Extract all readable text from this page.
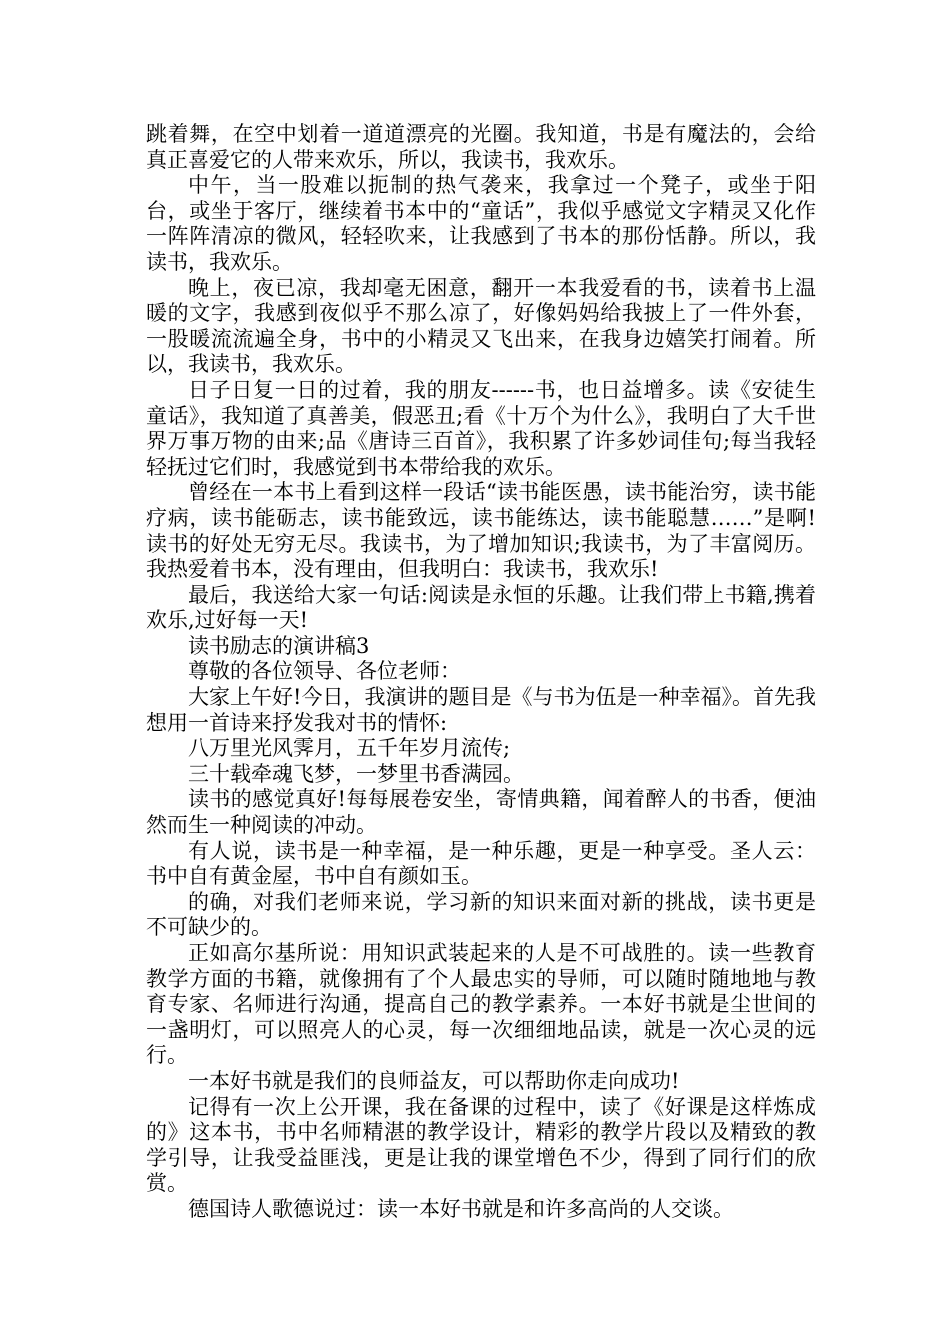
跳着舞，在空中划着一道道漂亮的光圈。我知道，书是有魔法的，会给真正喜爱它的人带来欢乐，所以，我读书，我欢乐。

中午，当一股难以扼制的热气袭来，我拿过一个凳子，或坐于阳台，或坐于客厅，继续着书本中的“童话”，我似乎感觉文字精灵又化作一阵阵清凉的微风，轻轻吹来，让我感到了书本的那份恬静。所以，我读书，我欢乐。

晚上，夜已凉，我却毫无困意，翻开一本我爱看的书，读着书上温暖的文字，我感到夜似乎不那么凉了，好像妈妈给我披上了一件外套，一股暖流流遍全身，书中的小精灵又飞出来，在我身边嬉笑打闹着。所以，我读书，我欢乐。

日子日复一日的过着，我的朋友------书，也日益增多。读《安徒生童话》，我知道了真善美，假恶丑;看《十万个为什么》，我明白了大千世界万事万物的由来;品《唐诗三百首》，我积累了许多妙词佳句;每当我轻轻抚过它们时，我感觉到书本带给我的欢乐。

曾经在一本书上看到这样一段话“读书能医愚，读书能治穷，读书能疗病，读书能砺志，读书能致远，读书能练达，读书能聪慧……”是啊!读书的好处无穷无尽。我读书，为了增加知识;我读书，为了丰富阅历。我热爱着书本，没有理由，但我明白：我读书，我欢乐!

最后，我送给大家一句话:阅读是永恒的乐趣。让我们带上书籍,携着欢乐,过好每一天!

读书励志的演讲稿3

尊敬的各位领导、各位老师：

大家上午好!今日，我演讲的题目是《与书为伍是一种幸福》。首先我想用一首诗来抒发我对书的情怀:

八万里光风霁月，五千年岁月流传;

三十载牵魂飞梦，一梦里书香满园。

读书的感觉真好!每每展卷安坐，寄情典籍，闻着醉人的书香，便油然而生一种阅读的冲动。

有人说，读书是一种幸福，是一种乐趣，更是一种享受。圣人云：书中自有黄金屋，书中自有颜如玉。

的确，对我们老师来说，学习新的知识来面对新的挑战，读书更是不可缺少的。

正如高尔基所说：用知识武装起来的人是不可战胜的。读一些教育教学方面的书籍，就像拥有了个人最忠实的导师，可以随时随地地与教育专家、名师进行沟通，提高自己的教学素养。一本好书就是尘世间的一盏明灯，可以照亮人的心灵，每一次细细地品读，就是一次心灵的远行。

一本好书就是我们的良师益友，可以帮助你走向成功!

记得有一次上公开课，我在备课的过程中，读了《好课是这样炼成的》这本书，书中名师精湛的教学设计，精彩的教学片段以及精致的教学引导，让我受益匪浅，更是让我的课堂增色不少，得到了同行们的欣赏。

德国诗人歌德说过：读一本好书就是和许多高尚的人交谈。
